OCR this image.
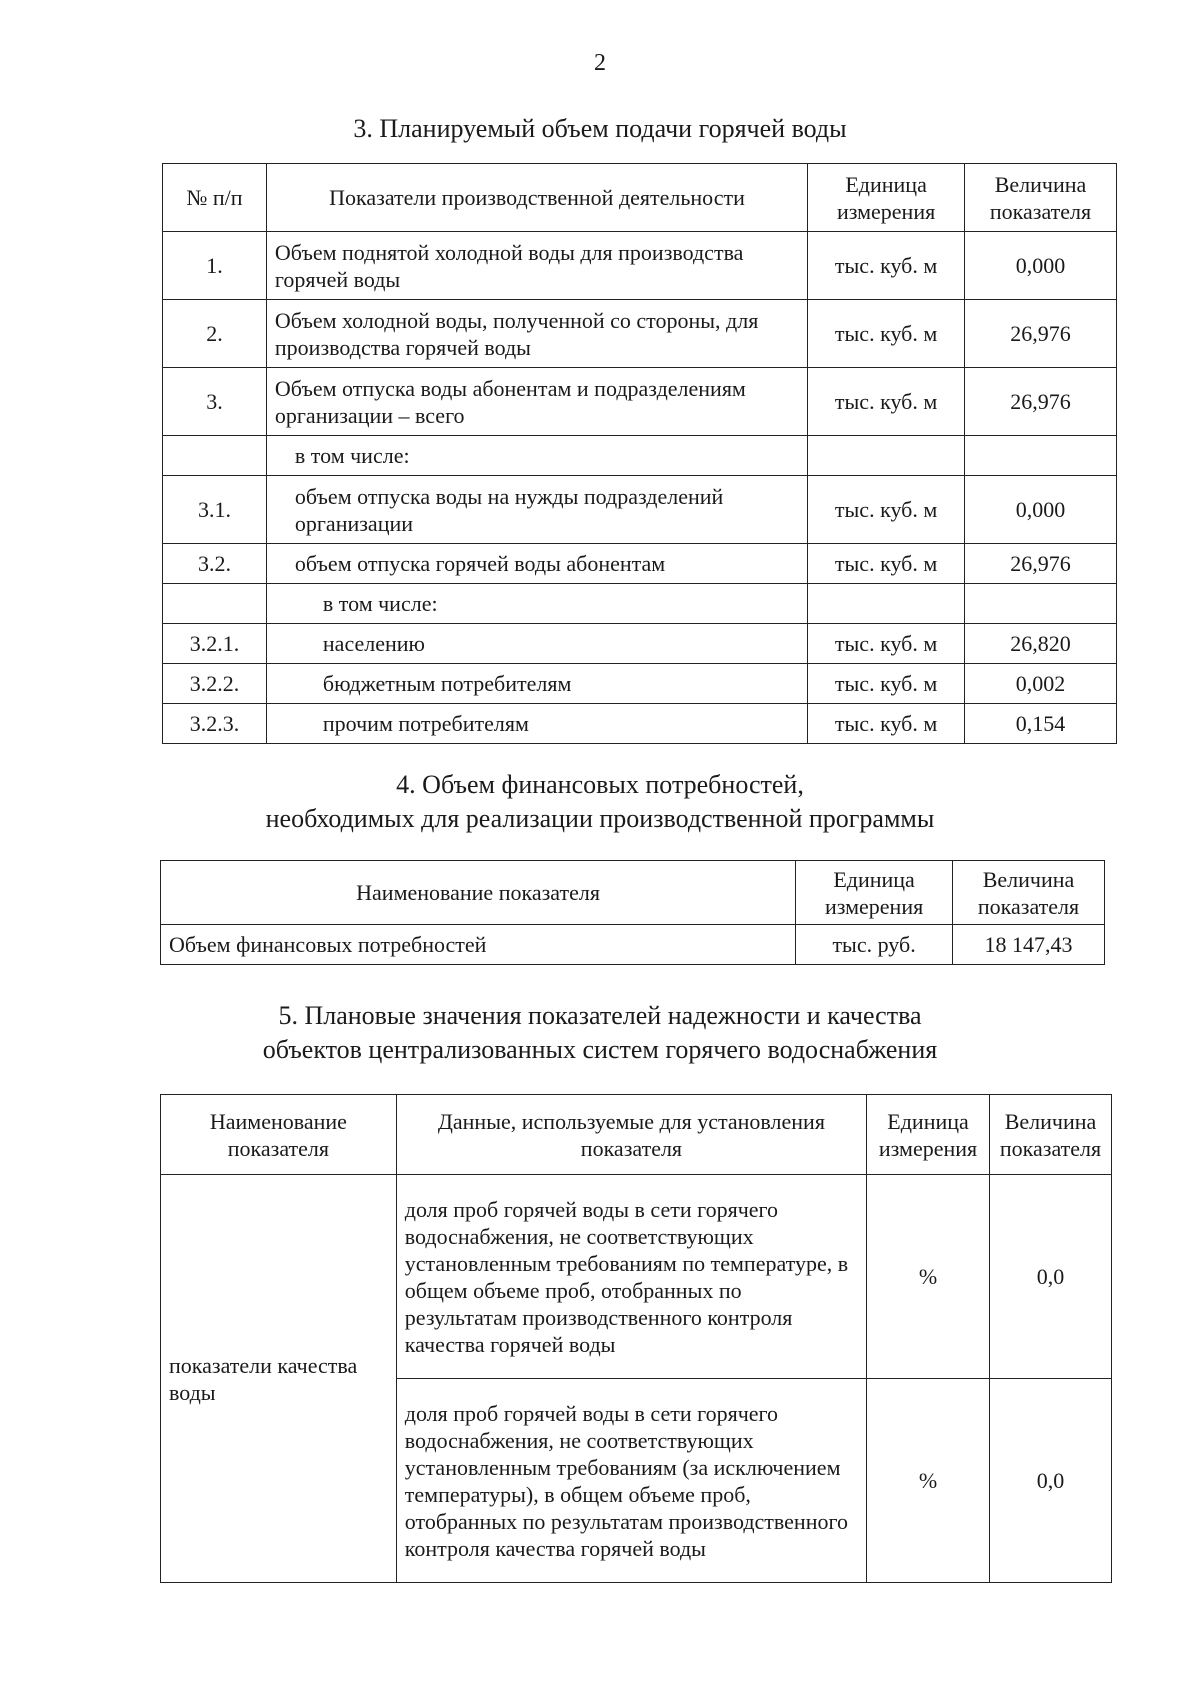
2
3. Планируемый объем подачи горячей воды
№ п/п	Показатели производственной деятельности	Единица измерения	Величина показателя
1.	Объем поднятой холодной воды для производства горячей воды	тыс. куб. м	0,000
2.	Объем холодной воды, полученной со стороны, для производства горячей воды	тыс. куб. м	26,976
3.	Объем отпуска воды абонентам и подразделениям организации – всего	тыс. куб. м	26,976
	в том числе:		
3.1.	объем отпуска воды на нужды подразделений организации	тыс. куб. м	0,000
3.2.	объем отпуска горячей воды абонентам	тыс. куб. м	26,976
	в том числе:		
3.2.1.	населению	тыс. куб. м	26,820
3.2.2.	бюджетным потребителям	тыс. куб. м	0,002
3.2.3.	прочим потребителям	тыс. куб. м	0,154
4. Объем финансовых потребностей,
необходимых для реализации производственной программы
Наименование показателя	Единица измерения	Величина показателя
Объем финансовых потребностей	тыс. руб.	18 147,43
5. Плановые значения показателей надежности и качества
объектов централизованных систем горячего водоснабжения
Наименование показателя	Данные, используемые для установления показателя	Единица измерения	Величина показателя
показатели качества воды	доля проб горячей воды в сети горячего водоснабжения, не соответствующих установленным требованиям по температуре, в общем объеме проб, отобранных по результатам производственного контроля качества горячей воды	%	0,0
	доля проб горячей воды в сети горячего водоснабжения, не соответствующих установленным требованиям (за исключением температуры), в общем объеме проб, отобранных по результатам производственного контроля качества горячей воды	%	0,0
